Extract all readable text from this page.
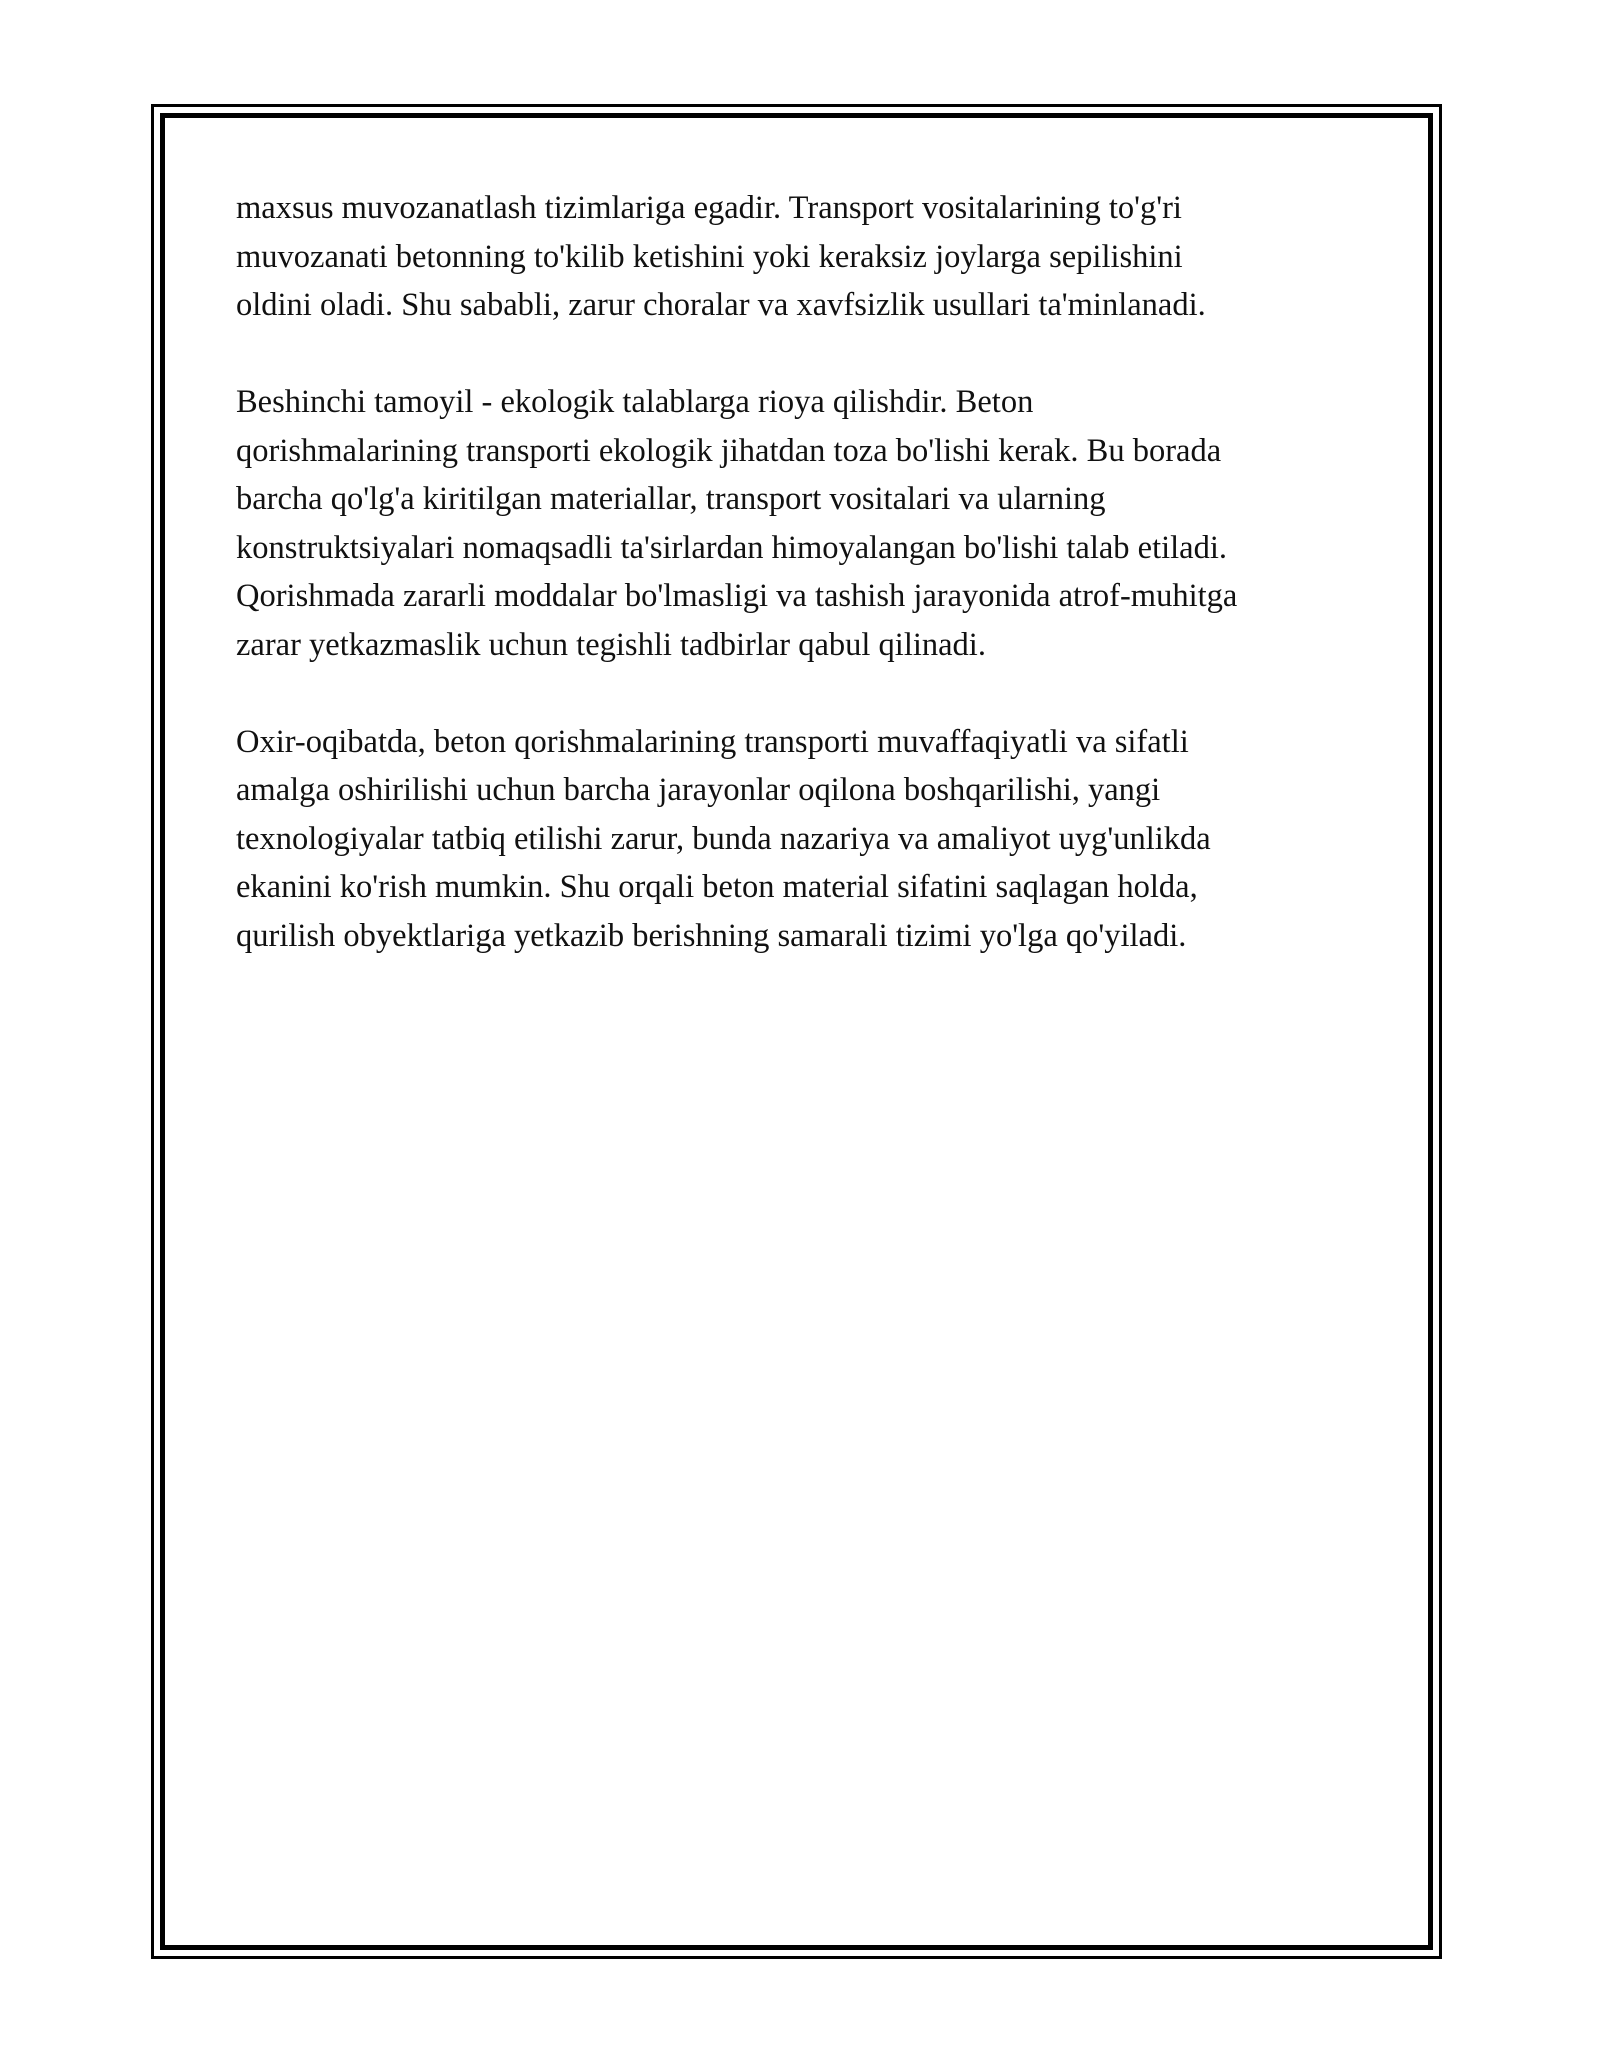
maxsus muvozanatlash tizimlariga egadir. Transport vositalarining to'g'ri
muvozanati betonning to'kilib ketishini yoki keraksiz joylarga sepilishini
oldini oladi. Shu sababli, zarur choralar va xavfsizlik usullari ta'minlanadi.

Beshinchi tamoyil - ekologik talablarga rioya qilishdir. Beton
qorishmalarining transporti ekologik jihatdan toza bo'lishi kerak. Bu borada
barcha qo'lg'a kiritilgan materiallar, transport vositalari va ularning
konstruktsiyalari nomaqsadli ta'sirlardan himoyalangan bo'lishi talab etiladi.
Qorishmada zararli moddalar bo'lmasligi va tashish jarayonida atrof-muhitga
zarar yetkazmaslik uchun tegishli tadbirlar qabul qilinadi.

Oxir-oqibatda, beton qorishmalarining transporti muvaffaqiyatli va sifatli
amalga oshirilishi uchun barcha jarayonlar oqilona boshqarilishi, yangi
texnologiyalar tatbiq etilishi zarur, bunda nazariya va amaliyot uyg'unlikda
ekanini ko'rish mumkin. Shu orqali beton material sifatini saqlagan holda,
qurilish obyektlariga yetkazib berishning samarali tizimi yo'lga qo'yiladi.
